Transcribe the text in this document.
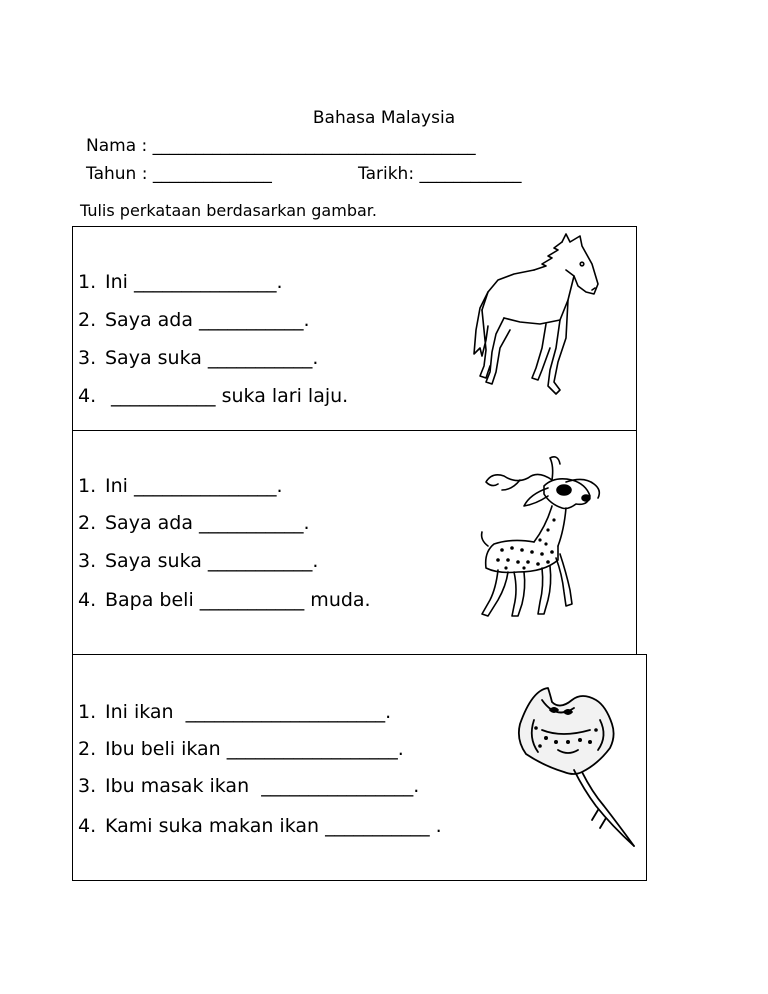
Bahasa Malaysia
Nama : ______________________________________
Tahun : ______________	Tarikh: ____________
Tulis perkataan berdasarkan gambar.
1. Ini _______________.
2. Saya ada ___________.
3. Saya suka ___________.
4. ___________ suka lari laju.
1. Ini _______________.
2. Saya ada ___________.
3. Saya suka ___________.
4. Bapa beli ___________ muda.
1. Ini ikan  _____________________.
2. Ibu beli ikan __________________.
3. Ibu masak ikan  ________________.
4. Kami suka makan ikan ___________ .
